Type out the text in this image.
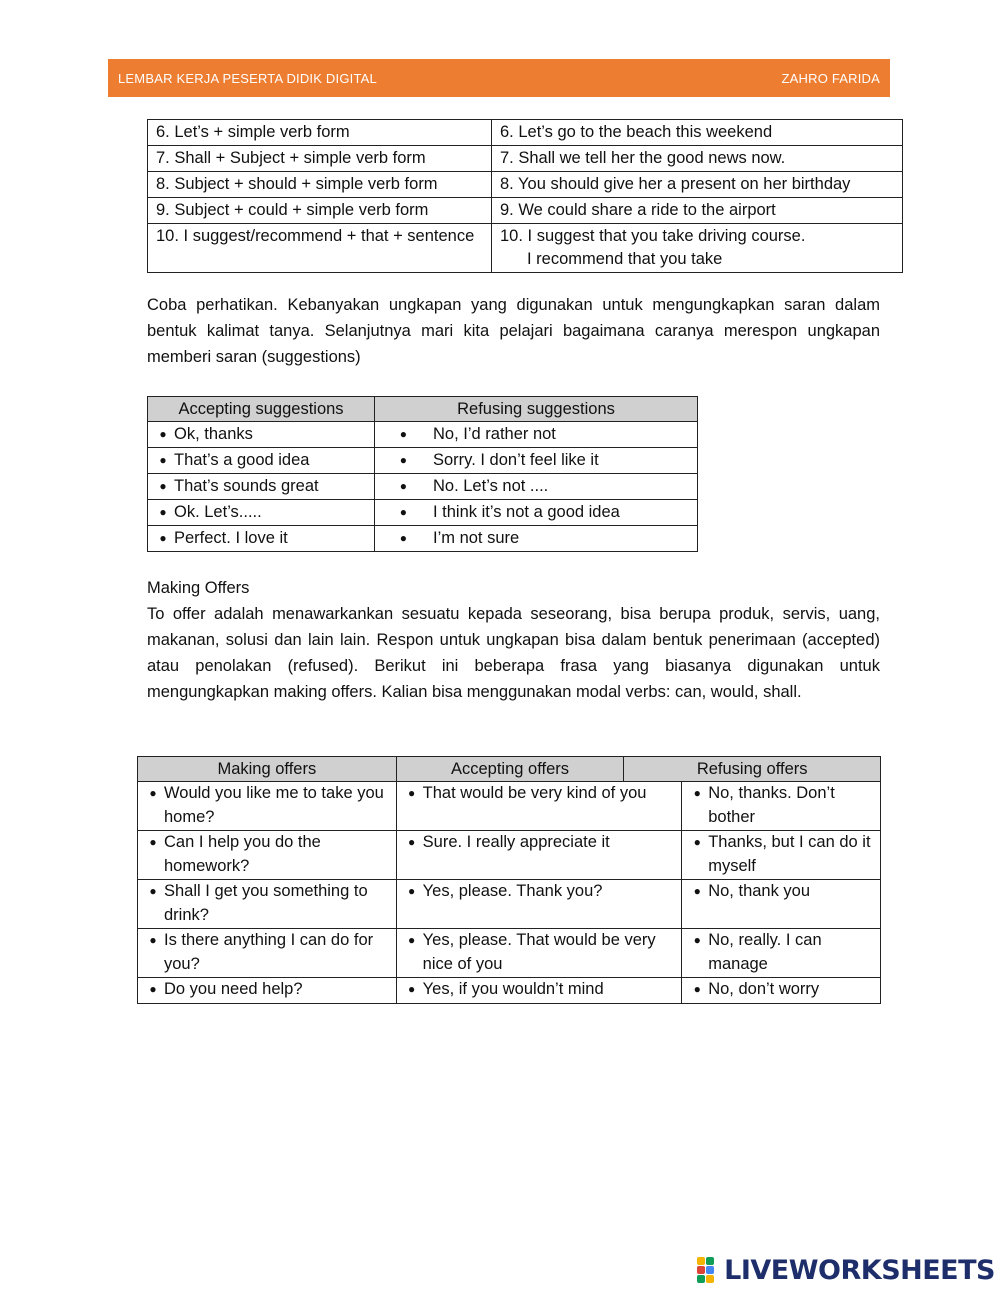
LEMBAR KERJA PESERTA DIDIK DIGITAL	ZAHRO FARIDA
6. Let’s + simple verb form	6. Let’s go to the beach this weekend
7. Shall + Subject + simple verb form	7. Shall we tell her the good news now.
8. Subject + should + simple verb form	8. You should give her a present on her birthday
9. Subject + could + simple verb form	9. We could share a ride to the airport
10. I suggest/recommend + that + sentence	10. I suggest that you take driving course.
I recommend that you take

Coba perhatikan. Kebanyakan ungkapan yang digunakan untuk mengungkapkan saran dalam bentuk kalimat tanya. Selanjutnya mari kita pelajari bagaimana caranya merespon ungkapan memberi saran (suggestions)

Accepting suggestions	Refusing suggestions

● Ok, thanks	● No, I’d rather not

● That’s a good idea	● Sorry. I don’t feel like it

● That’s sounds great	● No. Let’s not ....

● Ok. Let’s.....	● I think it’s not a good idea

● Perfect. I love it	● I’m not sure
Making Offers

To offer adalah menawarkankan sesuatu kepada seseorang, bisa berupa produk, servis, uang, makanan, solusi dan lain lain. Respon untuk ungkapan bisa dalam bentuk penerimaan (accepted) atau penolakan (refused). Berikut ini beberapa frasa yang biasanya digunakan untuk mengungkapkan making offers. Kalian bisa menggunakan modal verbs: can, would, shall.

Making offers	Accepting offers	Refusing offers	

● Would you like me to take you home?	● That would be very kind of you		● No, thanks. Don’t bother

● Can I help you do the homework?	● Sure. I really appreciate it		● Thanks, but I can do it myself

● Shall I get you something to drink?	● Yes, please. Thank you?		● No, thank you

● Is there anything I can do for you?	● Yes, please. That would be very nice of you		● No, really. I can manage

● Do you need help?	● Yes, if you wouldn’t mind		● No, don’t worry
LIVEWORKSHEETS
